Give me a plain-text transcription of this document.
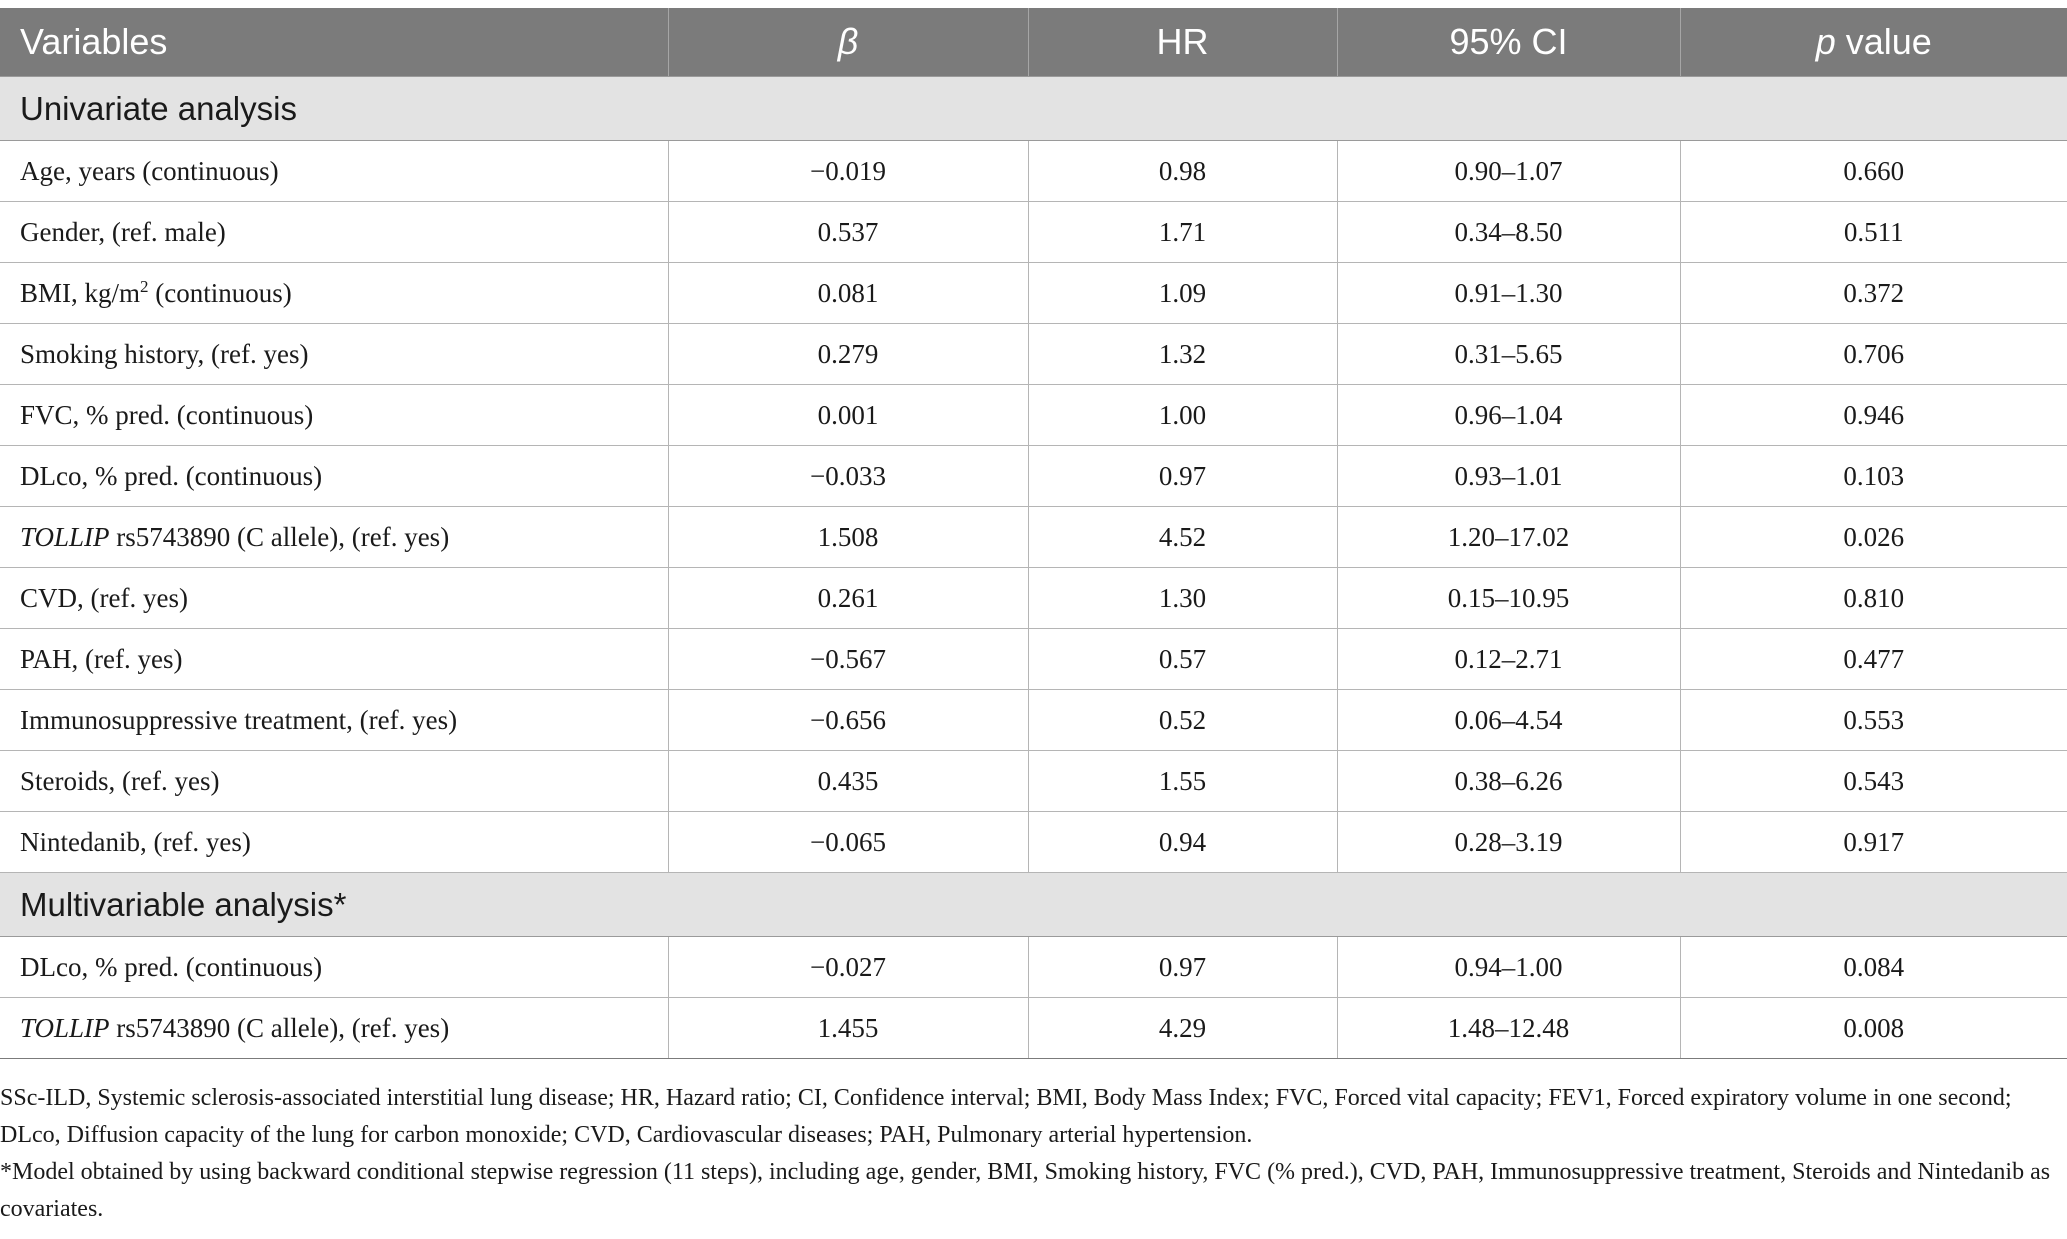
Variables	β	HR	95% CI	p value
Univariate analysis				
Age, years (continuous)	−0.019	0.98	0.90–1.07	0.660
Gender, (ref. male)	0.537	1.71	0.34–8.50	0.511
BMI, $kg/m^2$ (continuous)	0.081	1.09	0.91–1.30	0.372
Smoking history, (ref. yes)	0.279	1.32	0.31–5.65	0.706
FVC, % pred. (continuous)	0.001	1.00	0.96–1.04	0.946
DLco, % pred. (continuous)	−0.033	0.97	0.93–1.01	0.103
TOLLIP rs5743890 (C allele), (ref. yes)	1.508	4.52	1.20–17.02	0.026
CVD, (ref. yes)	0.261	1.30	0.15–10.95	0.810
PAH, (ref. yes)	−0.567	0.57	0.12–2.71	0.477
Immunosuppressive treatment, (ref. yes)	−0.656	0.52	0.06–4.54	0.553
Steroids, (ref. yes)	0.435	1.55	0.38–6.26	0.543
Nintedanib, (ref. yes)	−0.065	0.94	0.28–3.19	0.917
Multivariable analysis*				
DLco, % pred. (continuous)	−0.027	0.97	0.94–1.00	0.084
TOLLIP rs5743890 (C allele), (ref. yes)	1.455	4.29	1.48–12.48	0.008

SSc-ILD, Systemic sclerosis-associated interstitial lung disease; HR, Hazard ratio; CI, Confidence interval; BMI, Body Mass Index; FVC, Forced vital capacity; FEV1, Forced expiratory volume in one second; DLco, Diffusion capacity of the lung for carbon monoxide; CVD, Cardiovascular diseases; PAH, Pulmonary arterial hypertension.

*Model obtained by using backward conditional stepwise regression (11 steps), including age, gender, BMI, Smoking history, FVC (% pred.), CVD, PAH, Immunosuppressive treatment, Steroids and Nintedanib as covariates.
